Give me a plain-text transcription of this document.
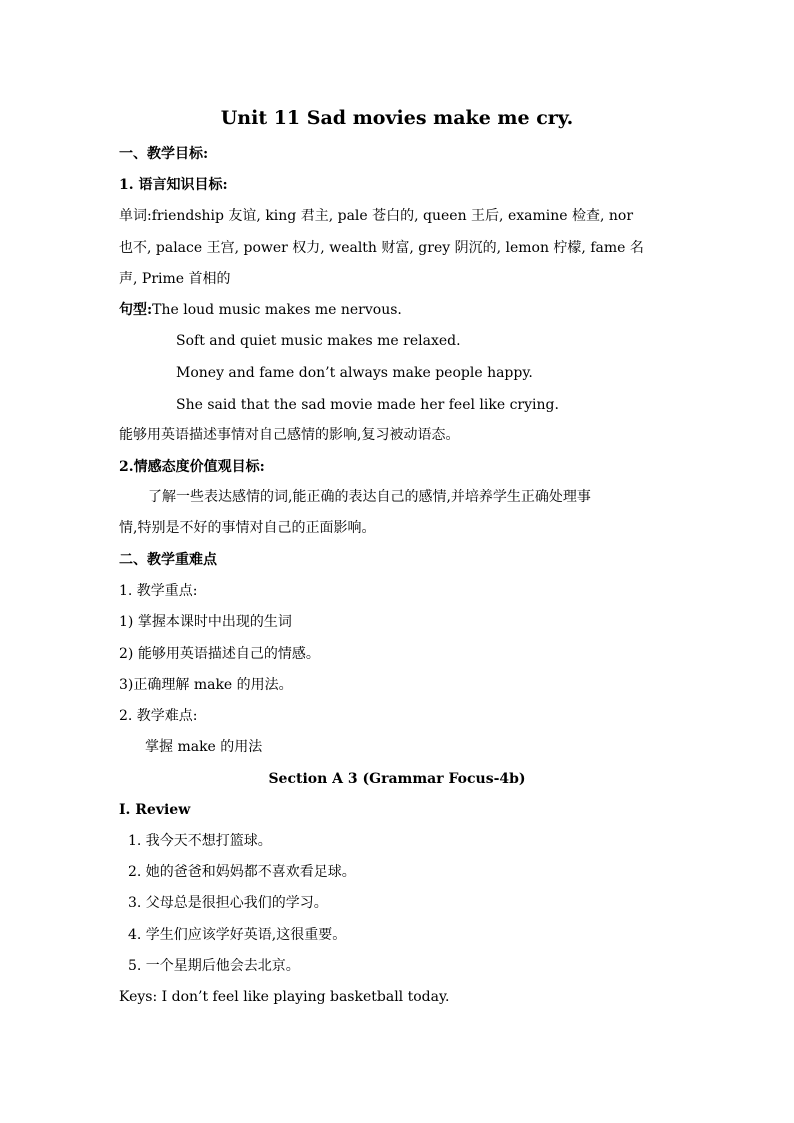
Unit 11 Sad movies make me cry.
一、教学目标:
1. 语言知识目标:
单词:friendship 友谊, king 君主, pale 苍白的, queen 王后, examine 检查, nor
也不, palace 王宫, power 权力, wealth 财富, grey 阴沉的, lemon 柠檬, fame 名
声, Prime 首相的
句型:The loud music makes me nervous.
Soft and quiet music makes me relaxed.
Money and fame don’t always make people happy.
She said that the sad movie made her feel like crying.
能够用英语描述事情对自己感情的影响,复习被动语态。
2.情感态度价值观目标:
了解一些表达感情的词,能正确的表达自己的感情,并培养学生正确处理事
情,特别是不好的事情对自己的正面影响。
二、教学重难点
1. 教学重点:
1) 掌握本课时中出现的生词
2) 能够用英语描述自己的情感。
3)正确理解 make 的用法。
2. 教学难点:
掌握 make 的用法
Section A 3 (Grammar Focus-4b)
I. Review
1. 我今天不想打篮球。
2. 她的爸爸和妈妈都不喜欢看足球。
3. 父母总是很担心我们的学习。
4. 学生们应该学好英语,这很重要。
5. 一个星期后他会去北京。
Keys: I don’t feel like playing basketball today.
